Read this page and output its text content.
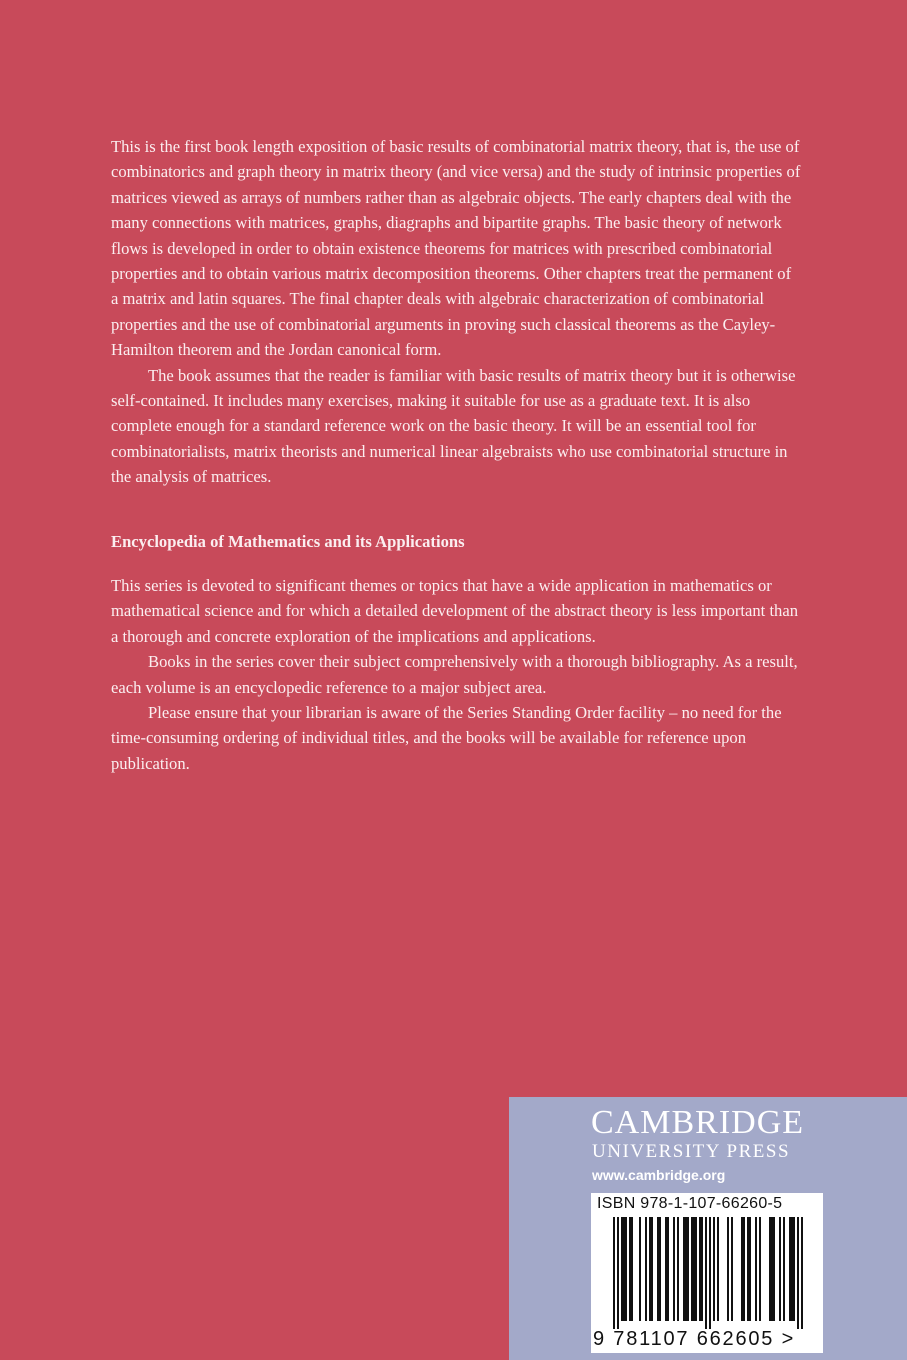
This is the first book length exposition of basic results of combinatorial matrix theory, that is, the use of combinatorics and graph theory in matrix theory (and vice versa) and the study of intrinsic properties of matrices viewed as arrays of numbers rather than as algebraic objects. The early chapters deal with the many connections with matrices, graphs, diagraphs and bipartite graphs. The basic theory of network flows is developed in order to obtain existence theorems for matrices with prescribed combinatorial properties and to obtain various matrix decomposition theorems. Other chapters treat the permanent of a matrix and latin squares. The final chapter deals with algebraic characterization of combinatorial properties and the use of combinatorial arguments in proving such classical theorems as the Cayley-Hamilton theorem and the Jordan canonical form.

The book assumes that the reader is familiar with basic results of matrix theory but it is otherwise self-contained. It includes many exercises, making it suitable for use as a graduate text. It is also complete enough for a standard reference work on the basic theory. It will be an essential tool for combinatorialists, matrix theorists and numerical linear algebraists who use combinatorial structure in the analysis of matrices.

Encyclopedia of Mathematics and its Applications

This series is devoted to significant themes or topics that have a wide application in mathematics or mathematical science and for which a detailed development of the abstract theory is less important than a thorough and concrete exploration of the implications and applications.

Books in the series cover their subject comprehensively with a thorough bibliography. As a result, each volume is an encyclopedic reference to a major subject area.

Please ensure that your librarian is aware of the Series Standing Order facility – no need for the time-consuming ordering of individual titles, and the books will be available for reference upon publication.

CAMBRIDGE
UNIVERSITY PRESS
www.cambridge.org
ISBN 978-1-107-66260-5
9 781107 662605 >
